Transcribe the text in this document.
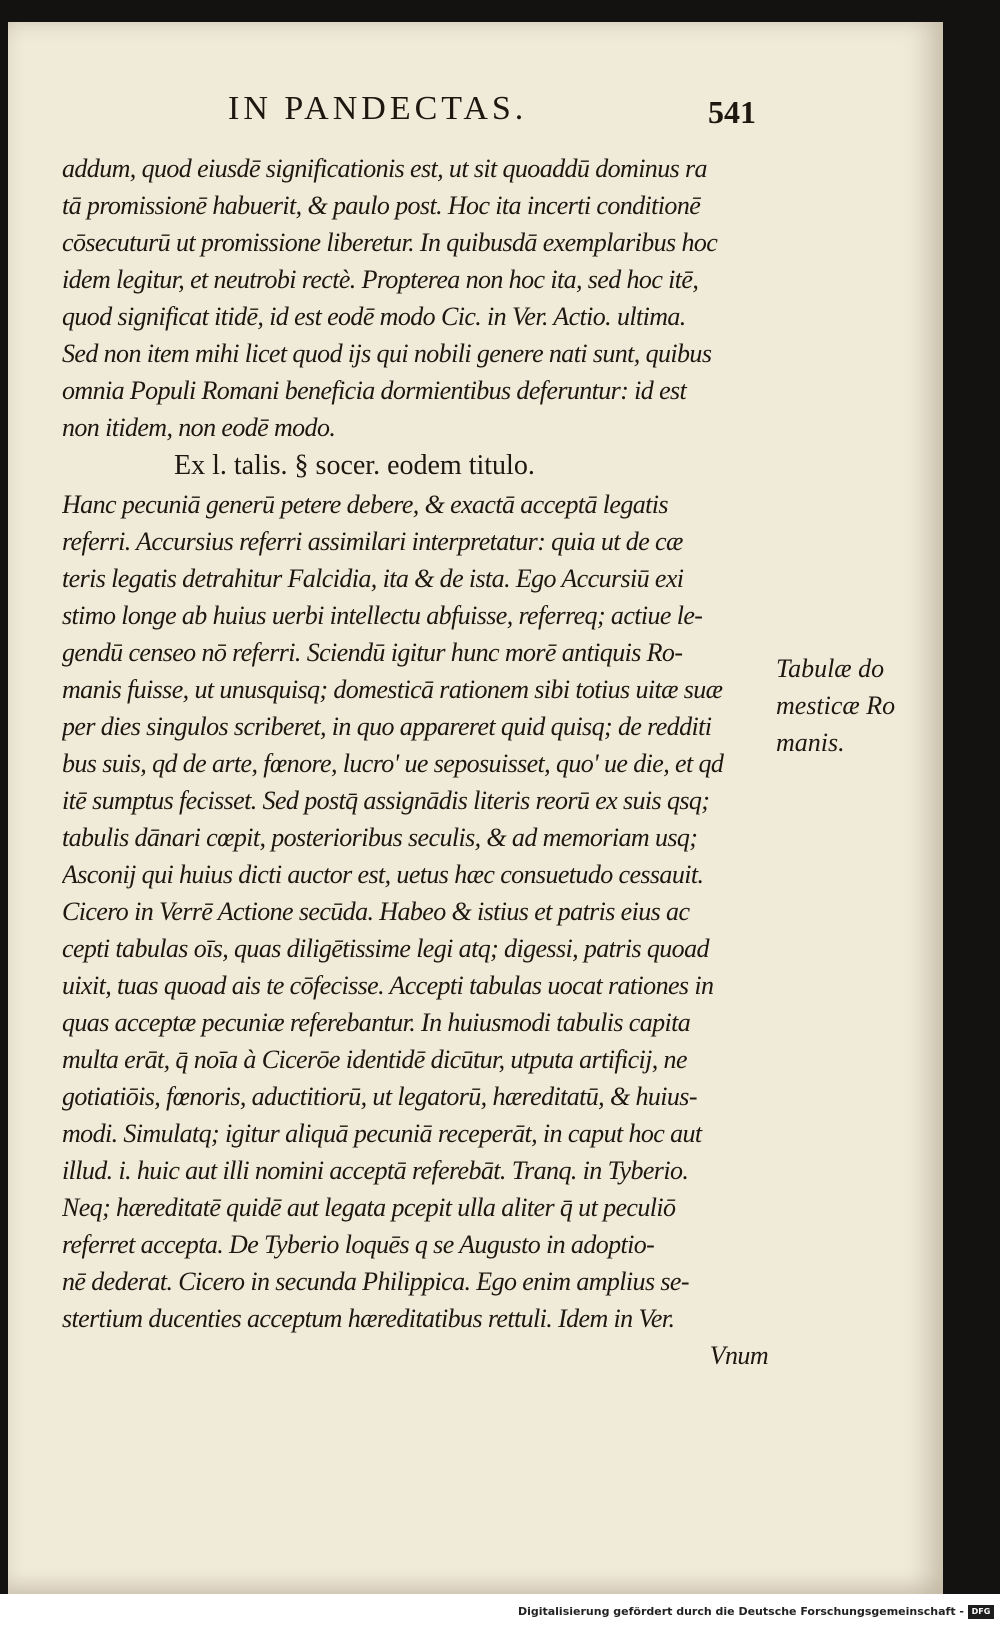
IN PANDECTAS.	541
addum, quod eiusdē significationis est, ut sit quoaddū dominus ra
tā promissionē habuerit, & paulo post. Hoc ita incerti conditionē
cōsecuturū ut promissione liberetur. In quibusdā exemplaribus hoc
idem legitur, et neutrobi rectè. Propterea non hoc ita, sed hoc itē,
quod significat itidē, id est eodē modo Cic. in Ver. Actio. ultima.
Sed non item mihi licet quod ijs qui nobili genere nati sunt, quibus
omnia Populi Romani beneficia dormientibus deferuntur: id est
non itidem, non eodē modo.
Ex l. talis. § socer. eodem titulo.
Hanc pecuniā generū petere debere, & exactā acceptā legatis
referri. Accursius referri assimilari interpretatur: quia ut de cæ
teris legatis detrahitur Falcidia, ita & de ista. Ego Accursiū exi
stimo longe ab huius uerbi intellectu abfuisse, referreq; actiue le-
gendū censeo nō referri. Sciendū igitur hunc morē antiquis Ro-
manis fuisse, ut unusquisq; domesticā rationem sibi totius uitæ suæ
per dies singulos scriberet, in quo appareret quid quisq; de redditi
bus suis, qd de arte, fœnore, lucro' ue seposuisset, quo' ue die, et qd
itē sumptus fecisset. Sed postq̄ assignādis literis reorū ex suis qsq;
tabulis dānari cœpit, posterioribus seculis, & ad memoriam usq;
Asconij qui huius dicti auctor est, uetus hæc consuetudo cessauit.
Cicero in Verrē Actione secūda. Habeo & istius et patris eius ac
cepti tabulas oīs, quas diligētissime legi atq; digessi, patris quoad
uixit, tuas quoad ais te cōfecisse. Accepti tabulas uocat rationes in
quas acceptæ pecuniæ referebantur. In huiusmodi tabulis capita
multa erāt, q̄ noīa à Cicerōe identidē dicūtur, utputa artificij, ne
gotiatiōis, fœnoris, aductitiorū, ut legatorū, hæreditatū, & huius-
modi. Simulatq; igitur aliquā pecuniā receperāt, in caput hoc aut
illud. i. huic aut illi nomini acceptā referebāt. Tranq. in Tyberio.
Neq; hæreditatē quidē aut legata pcepit ulla aliter q̄ ut peculiō
referret accepta. De Tyberio loquēs q se Augusto in adoptio-
nē dederat. Cicero in secunda Philippica. Ego enim amplius se-
stertium ducenties acceptum hæreditatibus rettuli. Idem in Ver.
Vnum
Tabulæ do
mesticæ Ro
manis.
Digitalisierung gefördert durch die Deutsche Forschungsgemeinschaft - DFG
